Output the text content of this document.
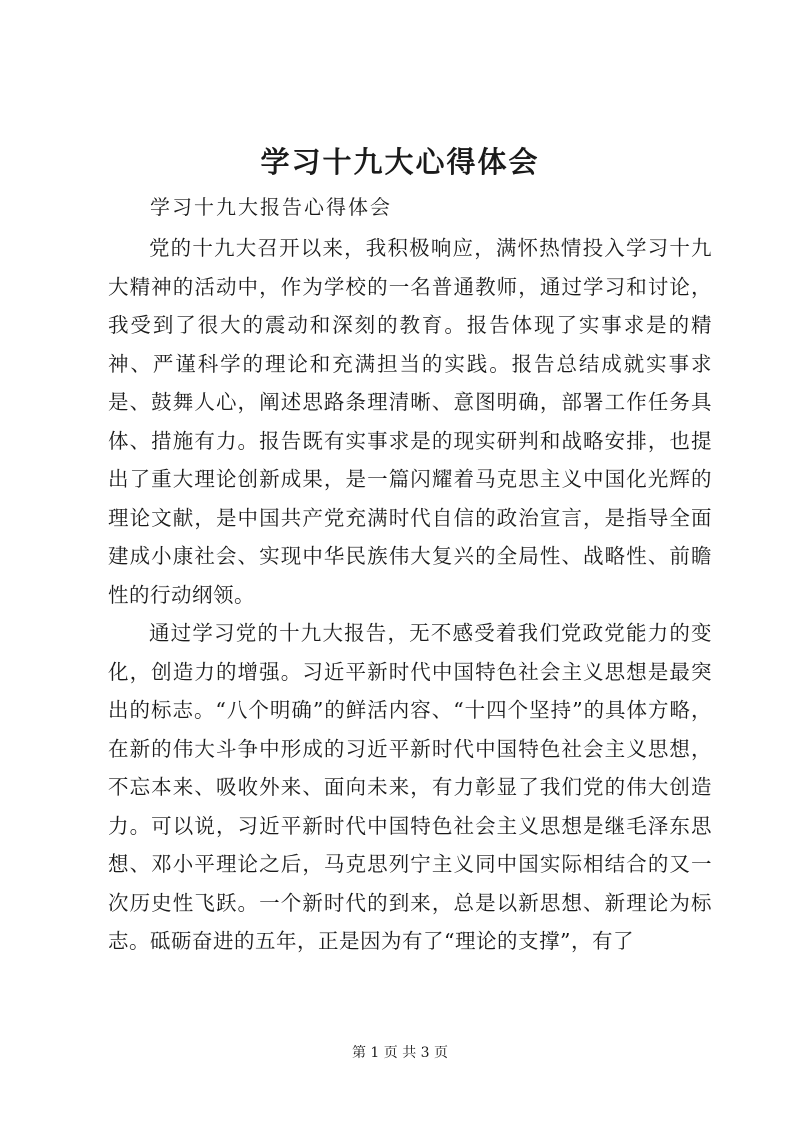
学习十九大心得体会
学习十九大报告心得体会

党的十九大召开以来，我积极响应，满怀热情投入学习十九大精神的活动中，作为学校的一名普通教师，通过学习和讨论，我受到了很大的震动和深刻的教育。报告体现了实事求是的精神、严谨科学的理论和充满担当的实践。报告总结成就实事求是、鼓舞人心，阐述思路条理清晰、意图明确，部署工作任务具体、措施有力。报告既有实事求是的现实研判和战略安排，也提出了重大理论创新成果，是一篇闪耀着马克思主义中国化光辉的理论文献，是中国共产党充满时代自信的政治宣言，是指导全面建成小康社会、实现中华民族伟大复兴的全局性、战略性、前瞻性的行动纲领。

通过学习党的十九大报告，无不感受着我们党政党能力的变化，创造力的增强。习近平新时代中国特色社会主义思想是最突出的标志。“八个明确”的鲜活内容、“十四个坚持”的具体方略，在新的伟大斗争中形成的习近平新时代中国特色社会主义思想，不忘本来、吸收外来、面向未来，有力彰显了我们党的伟大创造力。可以说，习近平新时代中国特色社会主义思想是继毛泽东思想、邓小平理论之后，马克思列宁主义同中国实际相结合的又一次历史性飞跃。一个新时代的到来，总是以新思想、新理论为标志。砥砺奋进的五年，正是因为有了“理论的支撑”，有了

第 1 页 共 3 页
